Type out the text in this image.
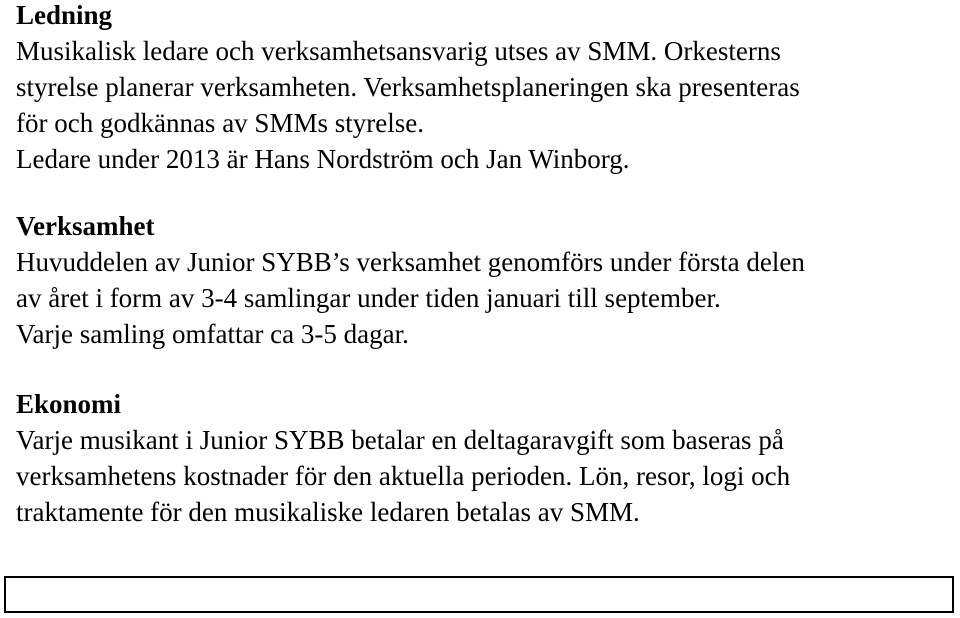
Ledning

Musikalisk ledare och verksamhetsansvarig utses av SMM. Orkesterns

styrelse planerar verksamheten. Verksamhetsplaneringen ska presenteras

för och godkännas av SMMs styrelse.

Ledare under 2013 är Hans Nordström och Jan Winborg.

Verksamhet

Huvuddelen av Junior SYBB’s verksamhet genomförs under första delen

av året i form av 3-4 samlingar under tiden januari till september.

Varje samling omfattar ca 3-5 dagar.

Ekonomi

Varje musikant i Junior SYBB betalar en deltagaravgift som baseras på

verksamhetens kostnader för den aktuella perioden. Lön, resor, logi och

traktamente för den musikaliske ledaren betalas av SMM.
